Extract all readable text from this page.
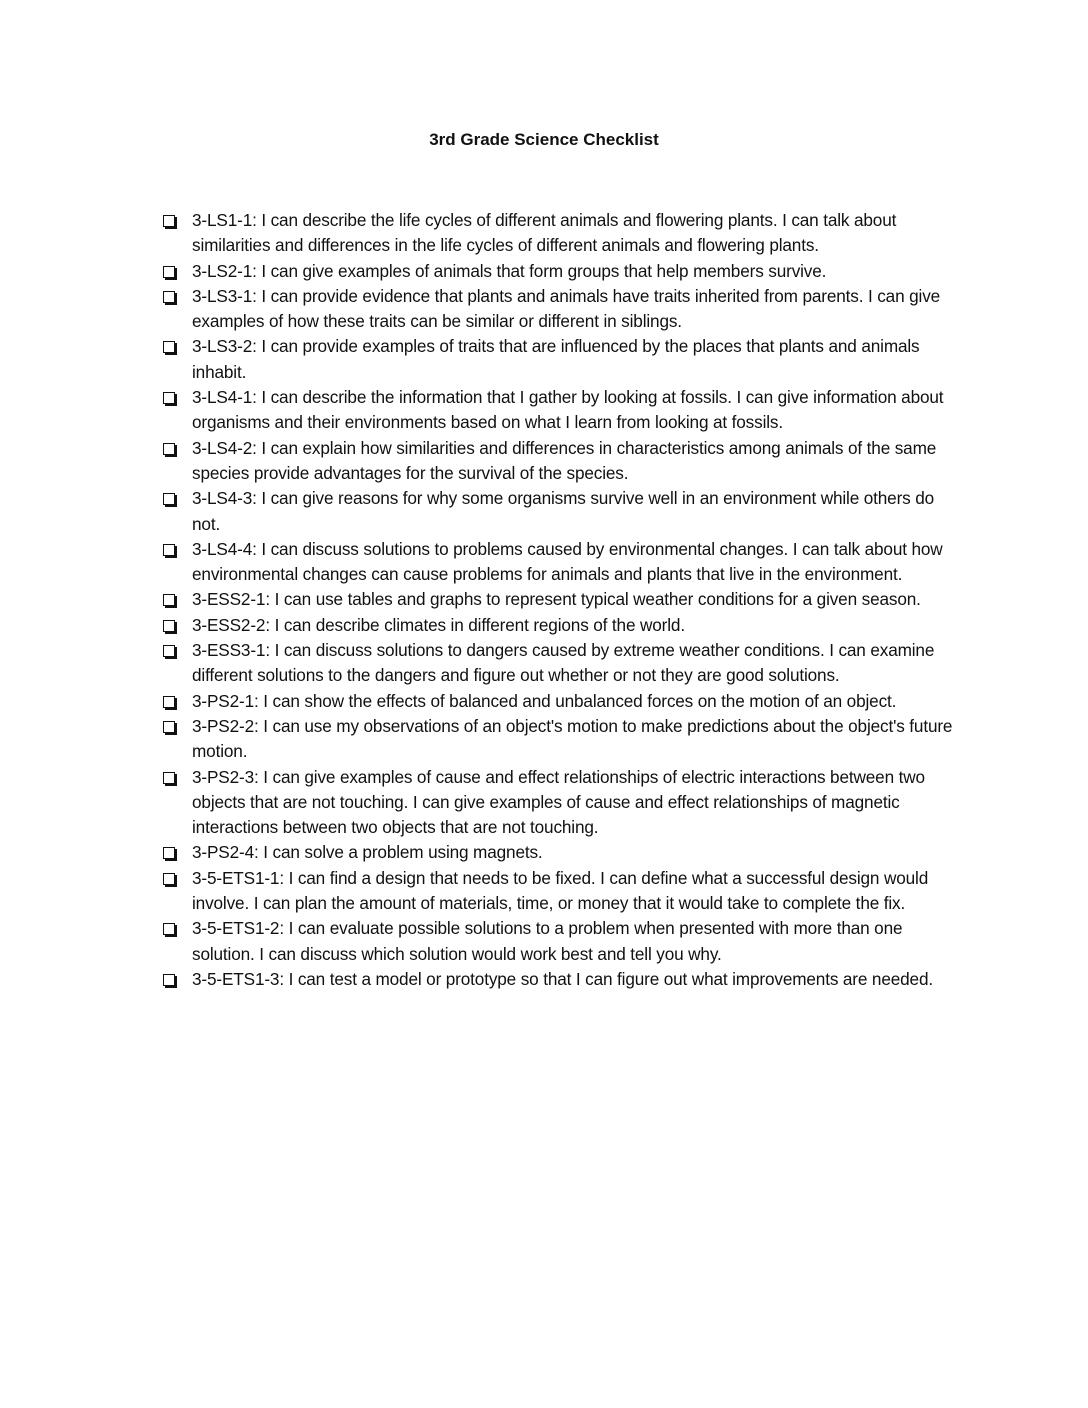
3rd Grade Science Checklist
3-LS1-1: I can describe the life cycles of different animals and flowering plants. I can talk about similarities and differences in the life cycles of different animals and flowering plants.
3-LS2-1: I can give examples of animals that form groups that help members survive.
3-LS3-1: I can provide evidence that plants and animals have traits inherited from parents. I can give examples of how these traits can be similar or different in siblings.
3-LS3-2: I can provide examples of traits that are influenced by the places that plants and animals inhabit.
3-LS4-1: I can describe the information that I gather by looking at fossils. I can give information about organisms and their environments based on what I learn from looking at fossils.
3-LS4-2: I can explain how similarities and differences in characteristics among animals of the same species provide advantages for the survival of the species.
3-LS4-3: I can give reasons for why some organisms survive well in an environment while others do not.
3-LS4-4: I can discuss solutions to problems caused by environmental changes. I can talk about how environmental changes can cause problems for animals and plants that live in the environment.
3-ESS2-1: I can use tables and graphs to represent typical weather conditions for a given season.
3-ESS2-2: I can describe climates in different regions of the world.
3-ESS3-1: I can discuss solutions to dangers caused by extreme weather conditions. I can examine different solutions to the dangers and figure out whether or not they are good solutions.
3-PS2-1: I can show the effects of balanced and unbalanced forces on the motion of an object.
3-PS2-2: I can use my observations of an object's motion to make predictions about the object's future motion.
3-PS2-3: I can give examples of cause and effect relationships of electric interactions between two objects that are not touching. I can give examples of cause and effect relationships of magnetic interactions between two objects that are not touching.
3-PS2-4: I can solve a problem using magnets.
3-5-ETS1-1: I can find a design that needs to be fixed. I can define what a successful design would involve. I can plan the amount of materials, time, or money that it would take to complete the fix.
3-5-ETS1-2: I can evaluate possible solutions to a problem when presented with more than one solution. I can discuss which solution would work best and tell you why.
3-5-ETS1-3: I can test a model or prototype so that I can figure out what improvements are needed.
